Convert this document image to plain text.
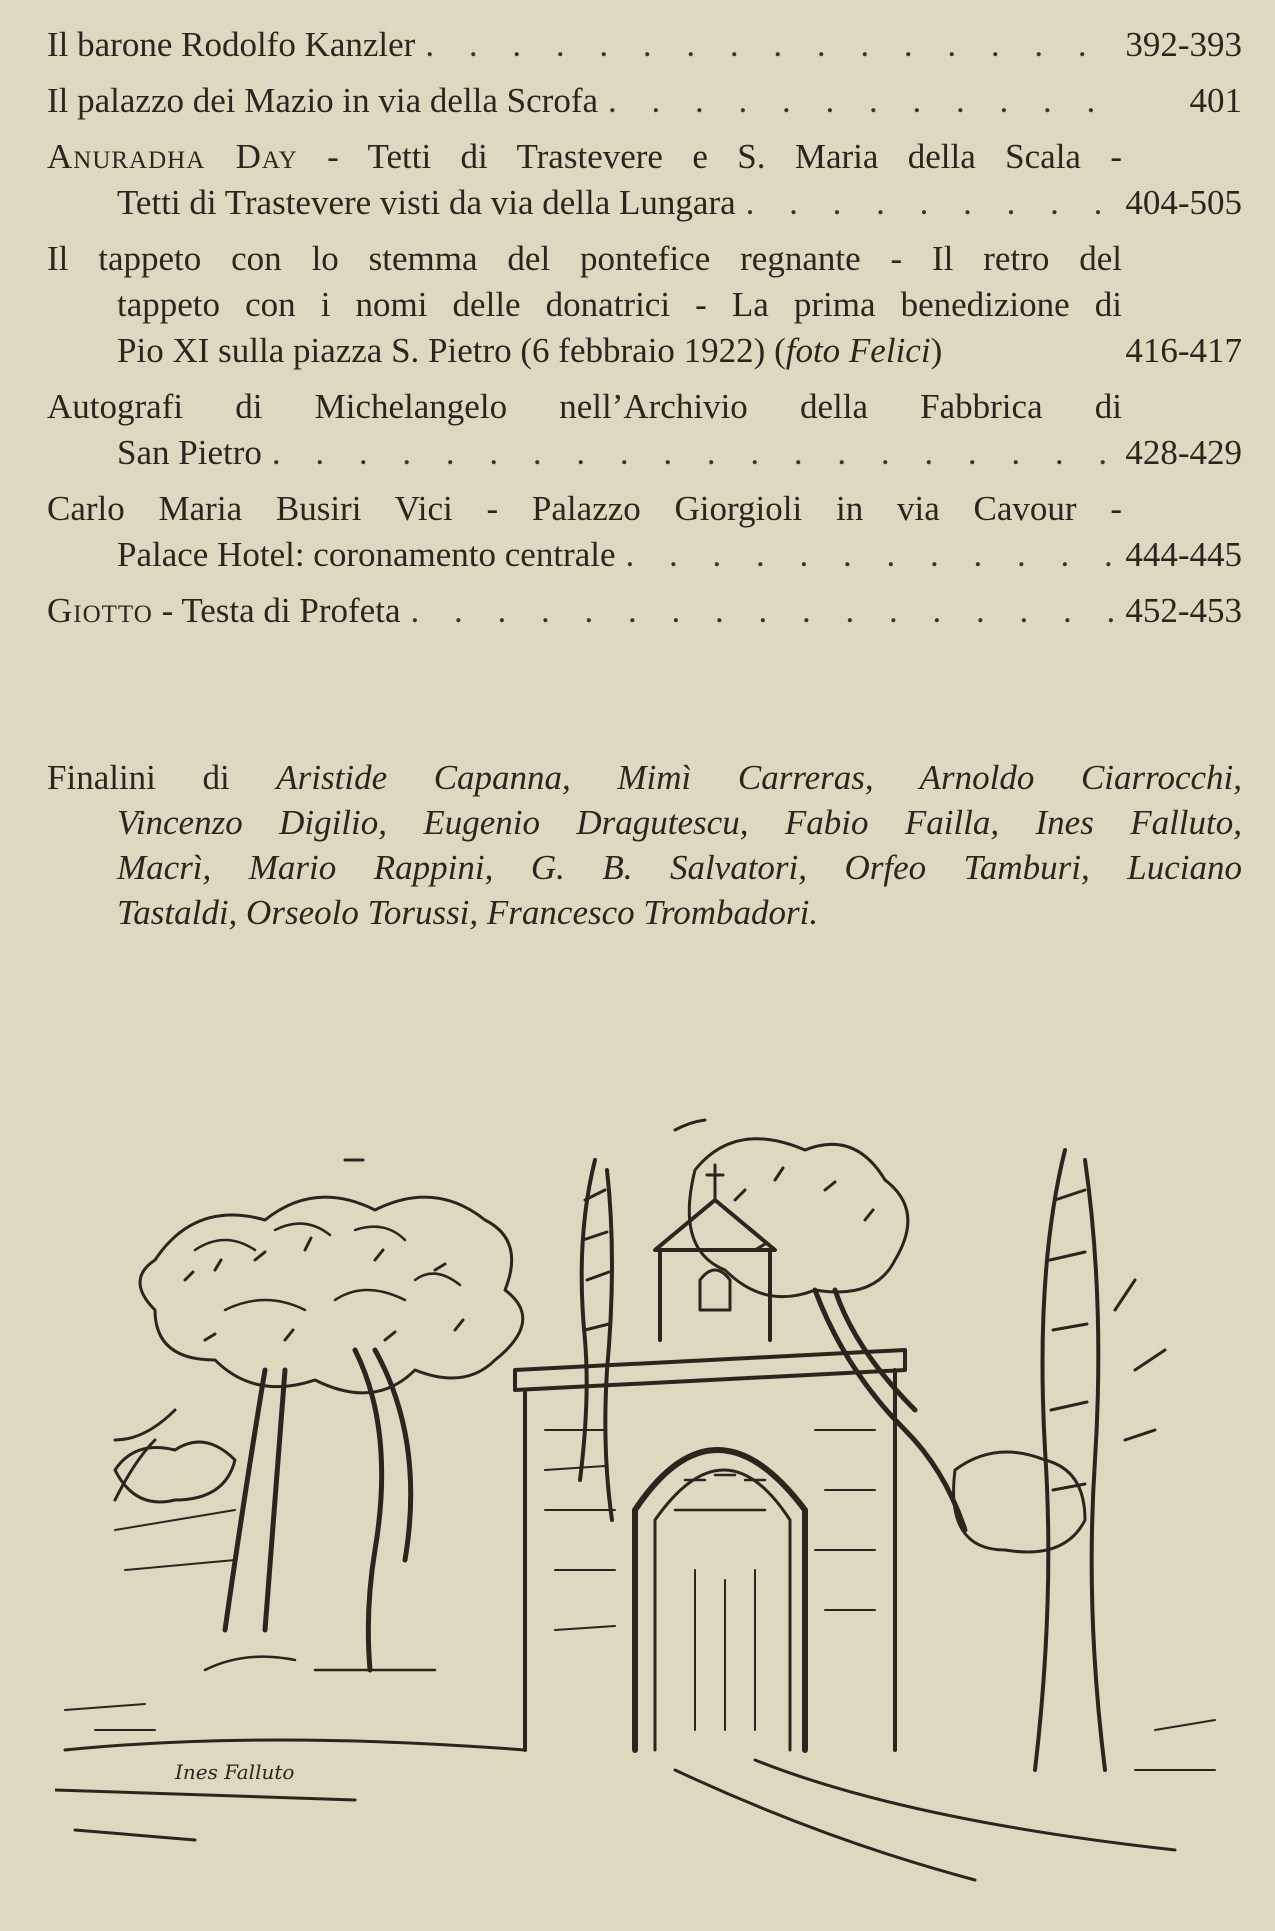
Il barone Rodolfo Kanzler . . .	392-393
Il palazzo dei Mazio in via della Scrofa . . .	401
Anuradha Day - Tetti di Trastevere e S. Maria della Scala -
Tetti di Trastevere visti da via della Lungara . . .	404-505
Il tappeto con lo stemma del pontefice regnante - Il retro del
tappeto con i nomi delle donatrici - La prima benedizione di
Pio XI sulla piazza S. Pietro (6 febbraio 1922) (foto Felici)	416-417
Autografi di Michelangelo nell’Archivio della Fabbrica di
San Pietro . . .	428-429
Carlo Maria Busiri Vici - Palazzo Giorgioli in via Cavour -
Palace Hotel: coronamento centrale . . .	444-445
Giotto - Testa di Profeta . . .	452-453
Finalini di Aristide Capanna, Mimì Carreras, Arnoldo Ciarrocchi,
Vincenzo Digilio, Eugenio Dragutescu, Fabio Failla, Ines Falluto,
Macrì, Mario Rappini, G. B. Salvatori, Orfeo Tamburi, Luciano
Tastaldi, Orseolo Torussi, Francesco Trombadori.
Ines Falluto
